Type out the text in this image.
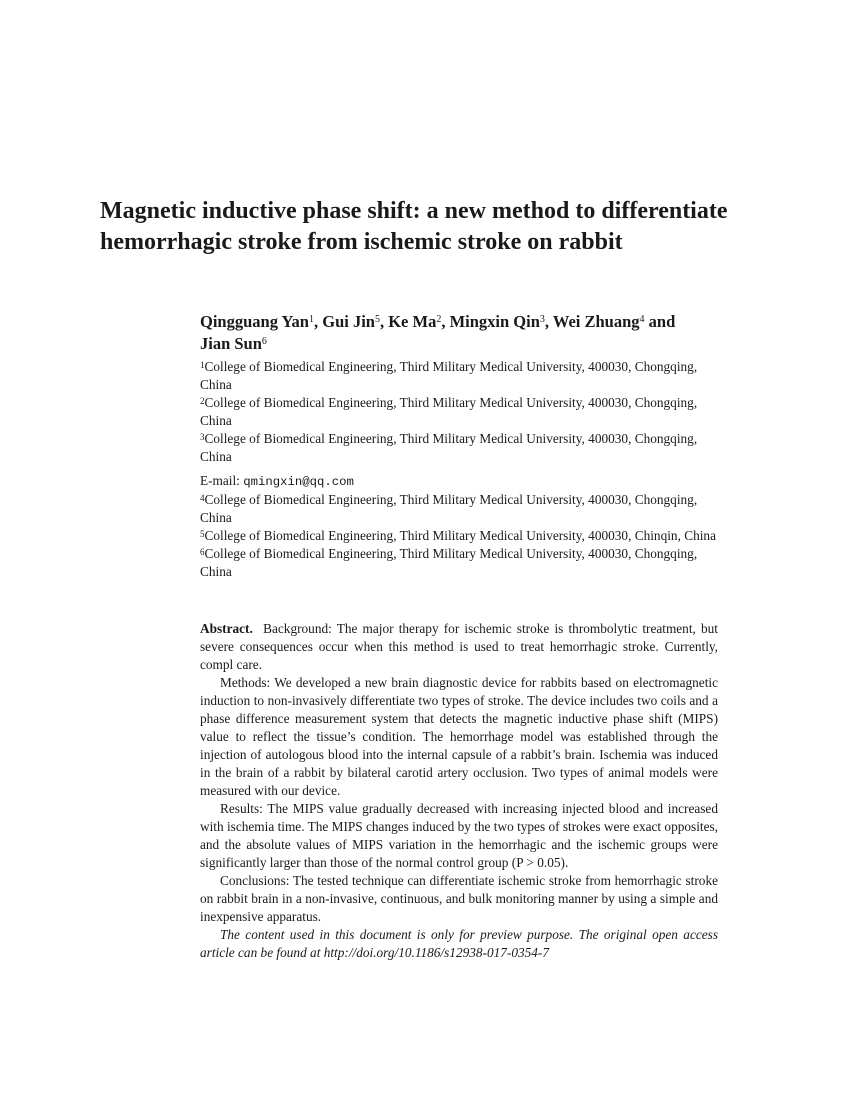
Magnetic inductive phase shift: a new method to differentiate hemorrhagic stroke from ischemic stroke on rabbit
Qingguang Yan$^1$, Gui Jin$^5$, Ke Ma$^2$, Mingxin Qin$^3$, Wei Zhuang$^4$ and Jian Sun$^6$

$^1$College of Biomedical Engineering, Third Military Medical University, 400030, Chongqing, China

$^2$College of Biomedical Engineering, Third Military Medical University, 400030, Chongqing, China

$^3$College of Biomedical Engineering, Third Military Medical University, 400030, Chongqing, China

E-mail: qmingxin@qq.com

$^4$College of Biomedical Engineering, Third Military Medical University, 400030, Chongqing, China

$^5$College of Biomedical Engineering, Third Military Medical University, 400030, Chinqin, China

$^6$College of Biomedical Engineering, Third Military Medical University, 400030, Chongqing, China

Abstract. Background: The major therapy for ischemic stroke is thrombolytic treatment, but severe consequences occur when this method is used to treat hemorrhagic stroke. Currently, compl care.

Methods: We developed a new brain diagnostic device for rabbits based on electromagnetic induction to non-invasively differentiate two types of stroke. The device includes two coils and a phase difference measurement system that detects the magnetic inductive phase shift (MIPS) value to reflect the tissue’s condition. The hemorrhage model was established through the injection of autologous blood into the internal capsule of a rabbit’s brain. Ischemia was induced in the brain of a rabbit by bilateral carotid artery occlusion. Two types of animal models were measured with our device.

Results: The MIPS value gradually decreased with increasing injected blood and increased with ischemia time. The MIPS changes induced by the two types of strokes were exact opposites, and the absolute values of MIPS variation in the hemorrhagic and the ischemic groups were significantly larger than those of the normal control group (P > 0.05).

Conclusions: The tested technique can differentiate ischemic stroke from hemorrhagic stroke on rabbit brain in a non-invasive, continuous, and bulk monitoring manner by using a simple and inexpensive apparatus.

The content used in this document is only for preview purpose. The original open access article can be found at http://doi.org/10.1186/s12938-017-0354-7
